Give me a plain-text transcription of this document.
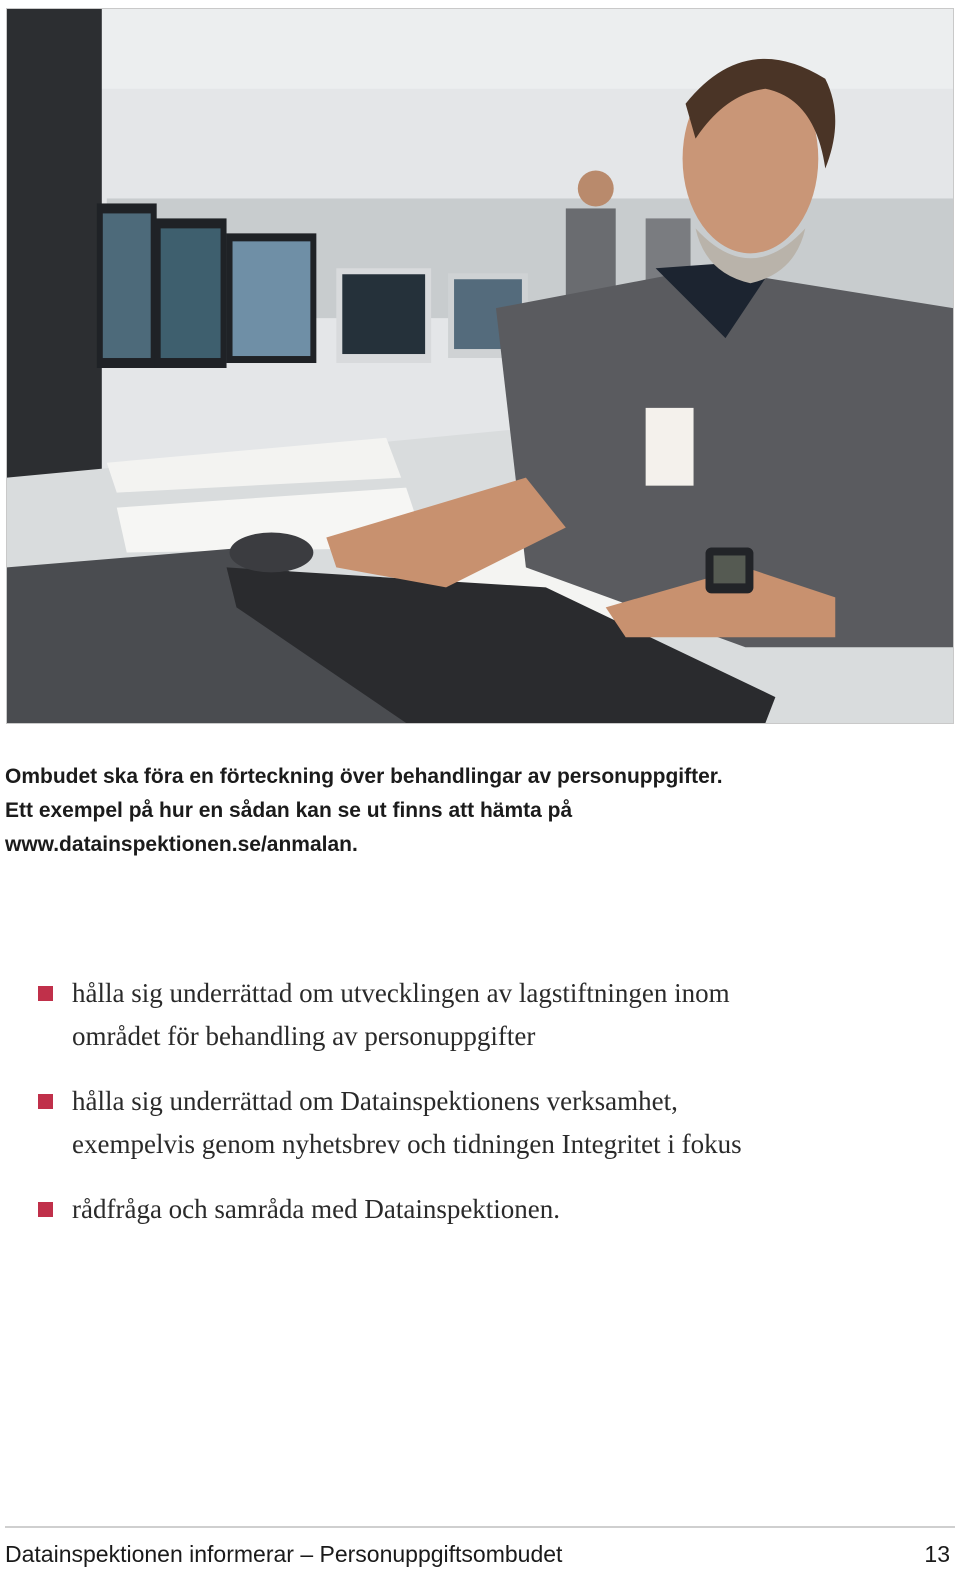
Ombudet ska föra en förteckning över behandlingar av personuppgifter.
Ett exempel på hur en sådan kan se ut finns att hämta på
www.datainspektionen.se/anmalan.
hålla sig underrättad om utvecklingen av lagstiftningen inom
området för behandling av personuppgifter
hålla sig underrättad om Datainspektionens verksamhet,
exempelvis genom nyhetsbrev och tidningen Integritet i fokus
rådfråga och samråda med Datainspektionen.
Datainspektionen informerar – Personuppgiftsombudet	13
